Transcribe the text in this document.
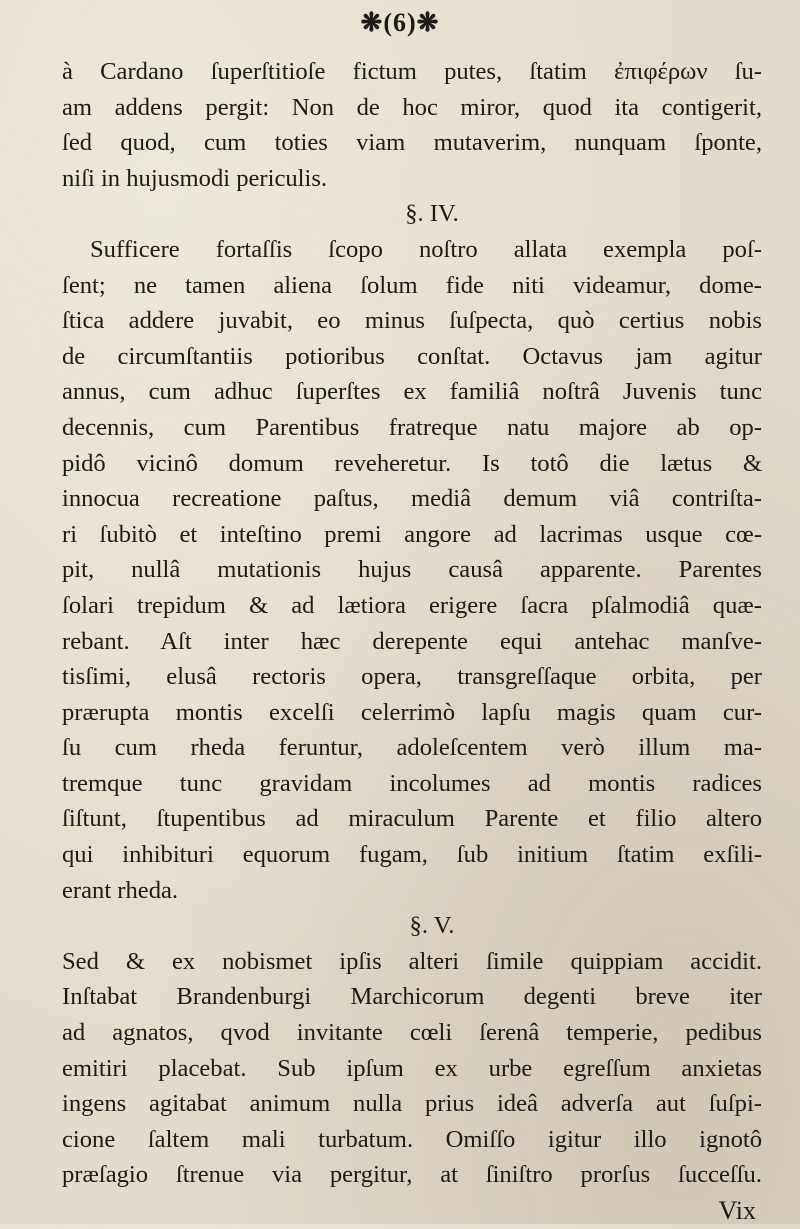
❋(6)❋
à Cardano ſuperſtitioſe fictum putes, ſtatim ἐπιφέρων ſu-
am addens pergit: Non de hoc miror, quod ita contigerit,
ſed quod, cum toties viam mutaverim, nunquam ſponte,
niſi in hujusmodi periculis.
§. IV.
Sufficere fortaſſis ſcopo noſtro allata exempla poſ-
ſent; ne tamen aliena ſolum fide niti videamur, dome-
ſtica addere juvabit, eo minus ſuſpecta, quò certius nobis
de circumſtantiis potioribus conſtat. Octavus jam agitur
annus, cum adhuc ſuperſtes ex familiâ noſtrâ Juvenis tunc
decennis, cum Parentibus fratreque natu majore ab op-
pidô vicinô domum reveheretur. Is totô die lætus &
innocua recreatione paſtus, mediâ demum viâ contriſta-
ri ſubitò et inteſtino premi angore ad lacrimas usque cœ-
pit, nullâ mutationis hujus causâ apparente. Parentes
ſolari trepidum & ad lætiora erigere ſacra pſalmodiâ quæ-
rebant. Aſt inter hæc derepente equi antehac manſve-
tisſimi, elusâ rectoris opera, transgreſſaque orbita, per
prærupta montis excelſi celerrimò lapſu magis quam cur-
ſu cum rheda feruntur, adoleſcentem verò illum ma-
tremque tunc gravidam incolumes ad montis radices
ſiſtunt, ſtupentibus ad miraculum Parente et filio altero
qui inhibituri equorum fugam, ſub initium ſtatim exſili-
erant rheda.
§. V.
Sed & ex nobismet ipſis alteri ſimile quippiam accidit.
Inſtabat Brandenburgi Marchicorum degenti breve iter
ad agnatos, qvod invitante cœli ſerenâ temperie, pedibus
emitiri placebat. Sub ipſum ex urbe egreſſum anxietas
ingens agitabat animum nulla prius ideâ adverſa aut ſuſpi-
cione ſaltem mali turbatum. Omiſſo igitur illo ignotô
præſagio ſtrenue via pergitur, at ſiniſtro prorſus ſucceſſu.
Vix
